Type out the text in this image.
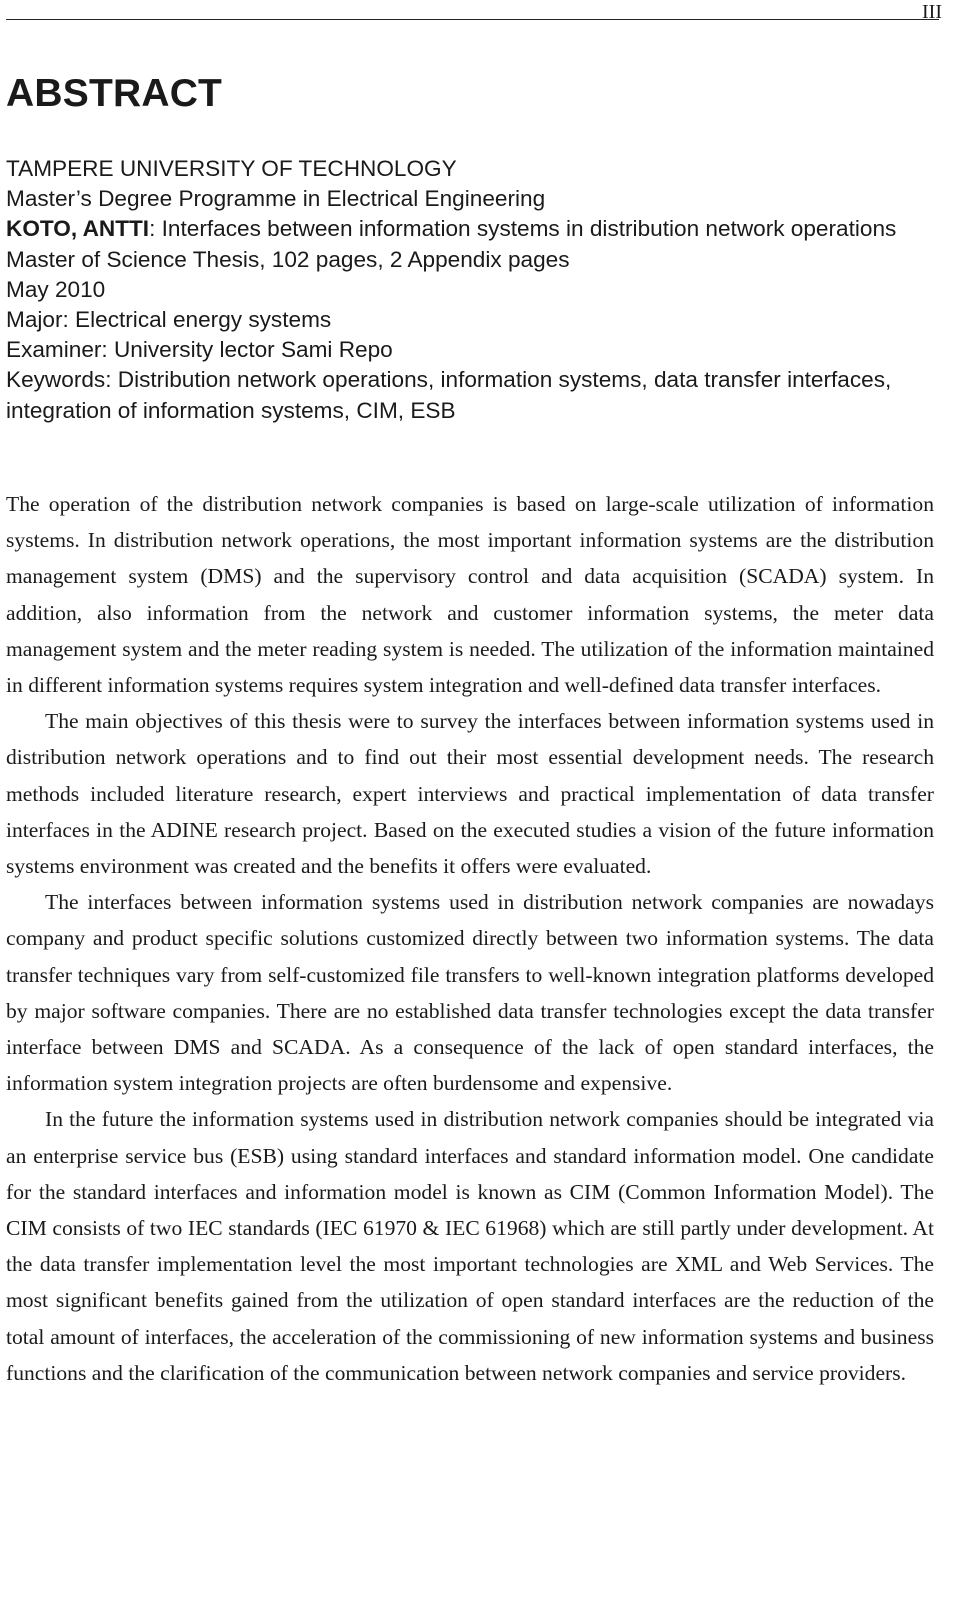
III
ABSTRACT
TAMPERE UNIVERSITY OF TECHNOLOGY
Master’s Degree Programme in Electrical Engineering
KOTO, ANTTI: Interfaces between information systems in distribution network operations
Master of Science Thesis, 102 pages, 2 Appendix pages
May 2010
Major: Electrical energy systems
Examiner: University lector Sami Repo
Keywords: Distribution network operations, information systems, data transfer interfaces, integration of information systems, CIM, ESB

The operation of the distribution network companies is based on large-scale utilization of information systems. In distribution network operations, the most important information systems are the distribution management system (DMS) and the supervisory control and data acquisition (SCADA) system. In addition, also information from the network and customer information systems, the meter data management system and the meter reading system is needed. The utilization of the information maintained in different information systems requires system integration and well-defined data transfer interfaces.

The main objectives of this thesis were to survey the interfaces between information systems used in distribution network operations and to find out their most essential development needs. The research methods included literature research, expert interviews and practical implementation of data transfer interfaces in the ADINE research project. Based on the executed studies a vision of the future information systems environment was created and the benefits it offers were evaluated.

The interfaces between information systems used in distribution network companies are nowadays company and product specific solutions customized directly between two information systems. The data transfer techniques vary from self-customized file transfers to well-known integration platforms developed by major software companies. There are no established data transfer technologies except the data transfer interface between DMS and SCADA. As a consequence of the lack of open standard interfaces, the information system integration projects are often burdensome and expensive.

In the future the information systems used in distribution network companies should be integrated via an enterprise service bus (ESB) using standard interfaces and standard information model. One candidate for the standard interfaces and information model is known as CIM (Common Information Model). The CIM consists of two IEC standards (IEC 61970 & IEC 61968) which are still partly under development. At the data transfer implementation level the most important technologies are XML and Web Services. The most significant benefits gained from the utilization of open standard interfaces are the reduction of the total amount of interfaces, the acceleration of the commissioning of new information systems and business functions and the clarification of the communication between network companies and service providers.
